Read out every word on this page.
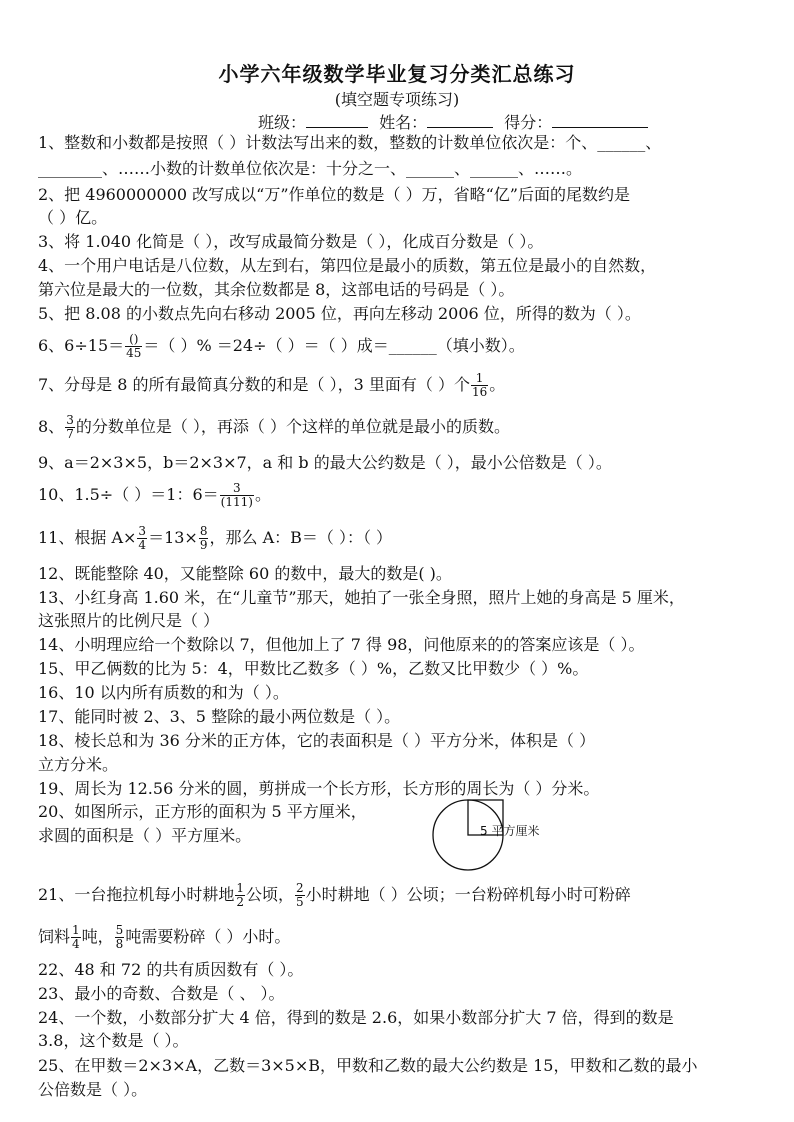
小学六年级数学毕业复习分类汇总练习
(填空题专项练习)
班级：	姓名：	得分：
1、整数和小数都是按照（ ）计数法写出来的数，整数的计数单位依次是：个、______、
________、……小数的计数单位依次是：十分之一、______、______、……。
2、把 4960000000 改写成以“万”作单位的数是（ ）万，省略“亿”后面的尾数约是
（ ）亿。
3、将 1.040 化简是（ ），改写成最简分数是（ ），化成百分数是（ ）。
4、一个用户电话是八位数，从左到右，第四位是最小的质数，第五位是最小的自然数，
第六位是最大的一位数，其余位数都是 8，这部电话的号码是（ ）。
5、把 8.08 的小数点先向右移动 2005 位，再向左移动 2006 位，所得的数为（ ）。
6、$6\div 15= \frac{()}{45}$ ＝（ ）% ＝24÷（ ）＝（ ）成＝______（填小数）。
7、分母是 8 的所有最简真分数的和是（ ），3 里面有（ ）个 $\frac{1}{16}$ 。
8、 $\frac{3}{7}$ 的分数单位是（ ），再添（ ）个这样的单位就是最小的质数。
9、a＝2×3×5，b＝2×3×7，a 和 b 的最大公约数是（ ），最小公倍数是（ ）。
10、1.5÷（ ）＝1：$6= \frac{3}{(111)}$ 。
11、根据 $A\times \frac{3}{4} =13\times \frac{8}{9}$ ，那么 A：B＝（ ）：（ ）
12、既能整除 40，又能整除 60 的数中，最大的数是( )。
13、小红身高 1.60 米，在“儿童节”那天，她拍了一张全身照，照片上她的身高是 5 厘米，
这张照片的比例尺是（ ）
14、小明理应给一个数除以 7，但他加上了 7 得 98，问他原来的的答案应该是（ ）。
15、甲乙俩数的比为 5：4，甲数比乙数多（ ）%，乙数又比甲数少（ ）%。
16、10 以内所有质数的和为（ ）。
17、能同时被 2、3、5 整除的最小两位数是（ ）。
18、棱长总和为 36 分米的正方体，它的表面积是（ ）平方分米，体积是（ ）
立方分米。
19、周长为 12.56 分米的圆，剪拼成一个长方形，长方形的周长为（ ）分米。
20、如图所示，正方形的面积为 5 平方厘米，
求圆的面积是（ ）平方厘米。	5 平方厘米
21、一台拖拉机每小时耕地 $\frac{1}{2}$ 公顷， $\frac{2}{5}$ 小时耕地（ ）公顷；一台粉碎机每小时可粉碎
饲料 $\frac{1}{4}$ 吨， $\frac{5}{8}$ 吨需要粉碎（ ）小时。
22、48 和 72 的共有质因数有（ ）。
23、最小的奇数、合数是（ 、 ）。
24、一个数，小数部分扩大 4 倍，得到的数是 2.6，如果小数部分扩大 7 倍，得到的数是
3.8，这个数是（ ）。
25、在甲数＝2×3×A，乙数＝3×5×B，甲数和乙数的最大公约数是 15，甲数和乙数的最小
公倍数是（ ）。
